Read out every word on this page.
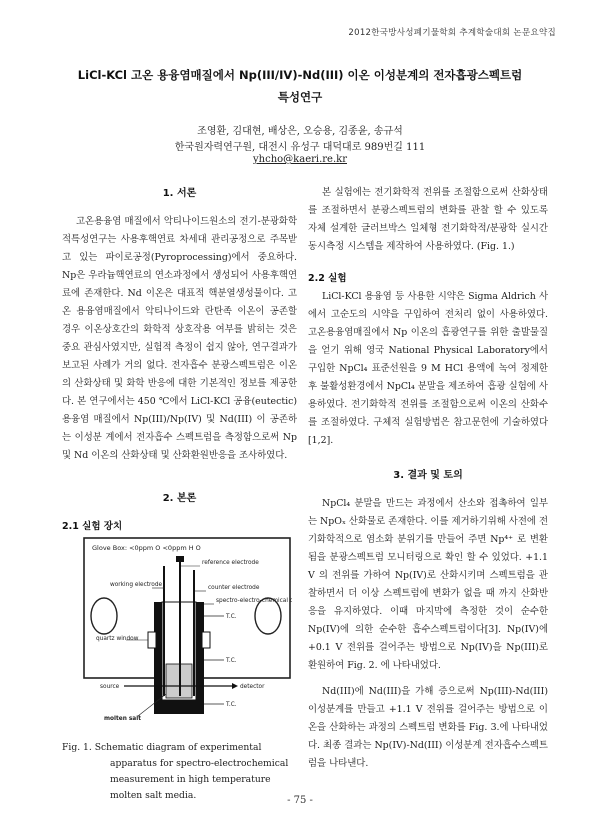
2012한국방사성폐기물학회 추계학술대회 논문요약집
LiCl-KCl 고온 용융염매질에서 Np(III/IV)-Nd(III) 이온 이성분계의 전자흡광스펙트럼
특성연구
조영환, 김대현, 배상은, 오승용, 김종윤, 송규석
한국원자력연구원, 대전시 유성구 대덕대로 989번길 111
yhcho@kaeri.re.kr
1. 서론

고온용융염 매질에서 악티나이드원소의 전기-분광화학적특성연구는 사용후핵연료 차세대 관리공정으로 주목받고 있는 파이로공정(Pyroprocessing)에서 중요하다. Np은 우라늄핵연료의 연소과정에서 생성되어 사용후핵연료에 존재한다. Nd 이온은 대표적 핵분열생성물이다. 고온 용융염매질에서 악티나이드와 란탄족 이온이 공존할 경우 이온상호간의 화학적 상호작용 여부를 밝히는 것은 중요 관심사였지만, 실험적 측정이 쉽지 않아, 연구결과가 보고된 사례가 거의 없다. 전자흡수 분광스펙트럼은 이온의 산화상태 및 화학 반응에 대한 기본적인 정보를 제공한다. 본 연구에서는 450 ℃에서 LiCl-KCl 공융(eutectic) 용융염 매질에서 Np(III)/Np(IV) 및 Nd(III) 이 공존하는 이성분 계에서 전자흡수 스펙트럼을 측정함으로써 Np 및 Nd 이온의 산화상태 및 산화환원반응을 조사하였다.

2. 본론
2.1 실험 장치
Glove Box: <0ppm O <0ppm H O
reference electrode
working electrode	counter electrode
spectro-electro-chemical cell
T.C.
T.C.
T.C.
quartz window
source	detector
molten salt
Fig. 1. Schematic diagram of experimental apparatus for spectro-electrochemical measurement in high temperature molten salt media.

본 실험에는 전기화학적 전위를 조절함으로써 산화상태를 조절하면서 분광스펙트럼의 변화를 관찰 할 수 있도록 자체 설계한 글러브박스 일체형 전기화학적/분광학 실시간 동시측정 시스템을 제작하여 사용하였다. (Fig. 1.)

2.2 실험

LiCl-KCl 용융염 등 사용한 시약은 Sigma Aldrich 사에서 고순도의 시약을 구입하여 전처리 없이 사용하였다. 고온용융염매질에서 Np 이온의 흡광연구를 위한 출발물질을 얻기 위해 영국 National Physical Laboratory에서 구입한 NpCl₄ 표준선원을 9 M HCl 용액에 녹여 정제한 후 불활성환경에서 NpCl₄ 분말을 제조하여 흡광 실험에 사용하였다. 전기화학적 전위를 조절함으로써 이온의 산화수를 조절하였다. 구체적 실험방법은 참고문헌에 기술하였다[1,2].

3. 결과 및 토의

NpCl₄ 분말을 만드는 과정에서 산소와 접촉하여 일부는 NpOₓ 산화물로 존재한다. 이를 제거하기위해 사전에 전기화학적으로 염소화 분위기를 만들어 주면 Np⁴⁺ 로 변환됨을 분광스펙트럼 모니터링으로 확인 할 수 있었다. +1.1 V 의 전위를 가하여 Np(IV)로 산화시키며 스펙트럼을 관찰하면서 더 이상 스펙트럼에 변화가 없을 때 까지 산화반응을 유지하였다. 이때 마지막에 측정한 것이 순수한 Np(IV)에 의한 순수한 흡수스펙트럼이다[3]. Np(IV)에 +0.1 V 전위를 걸어주는 방법으로 Np(IV)을 Np(III)로 환원하여 Fig. 2. 에 나타내었다.

Nd(III)에 Nd(III)을 가해 증으로써 Np(III)-Nd(III) 이성분계를 만들고 +1.1 V 전위를 걸어주는 방법으로 이온을 산화하는 과정의 스펙트럼 변화를 Fig. 3.에 나타내었다. 최종 결과는 Np(IV)-Nd(III) 이성분계 전자흡수스펙트럼을 나타낸다.

- 75 -
